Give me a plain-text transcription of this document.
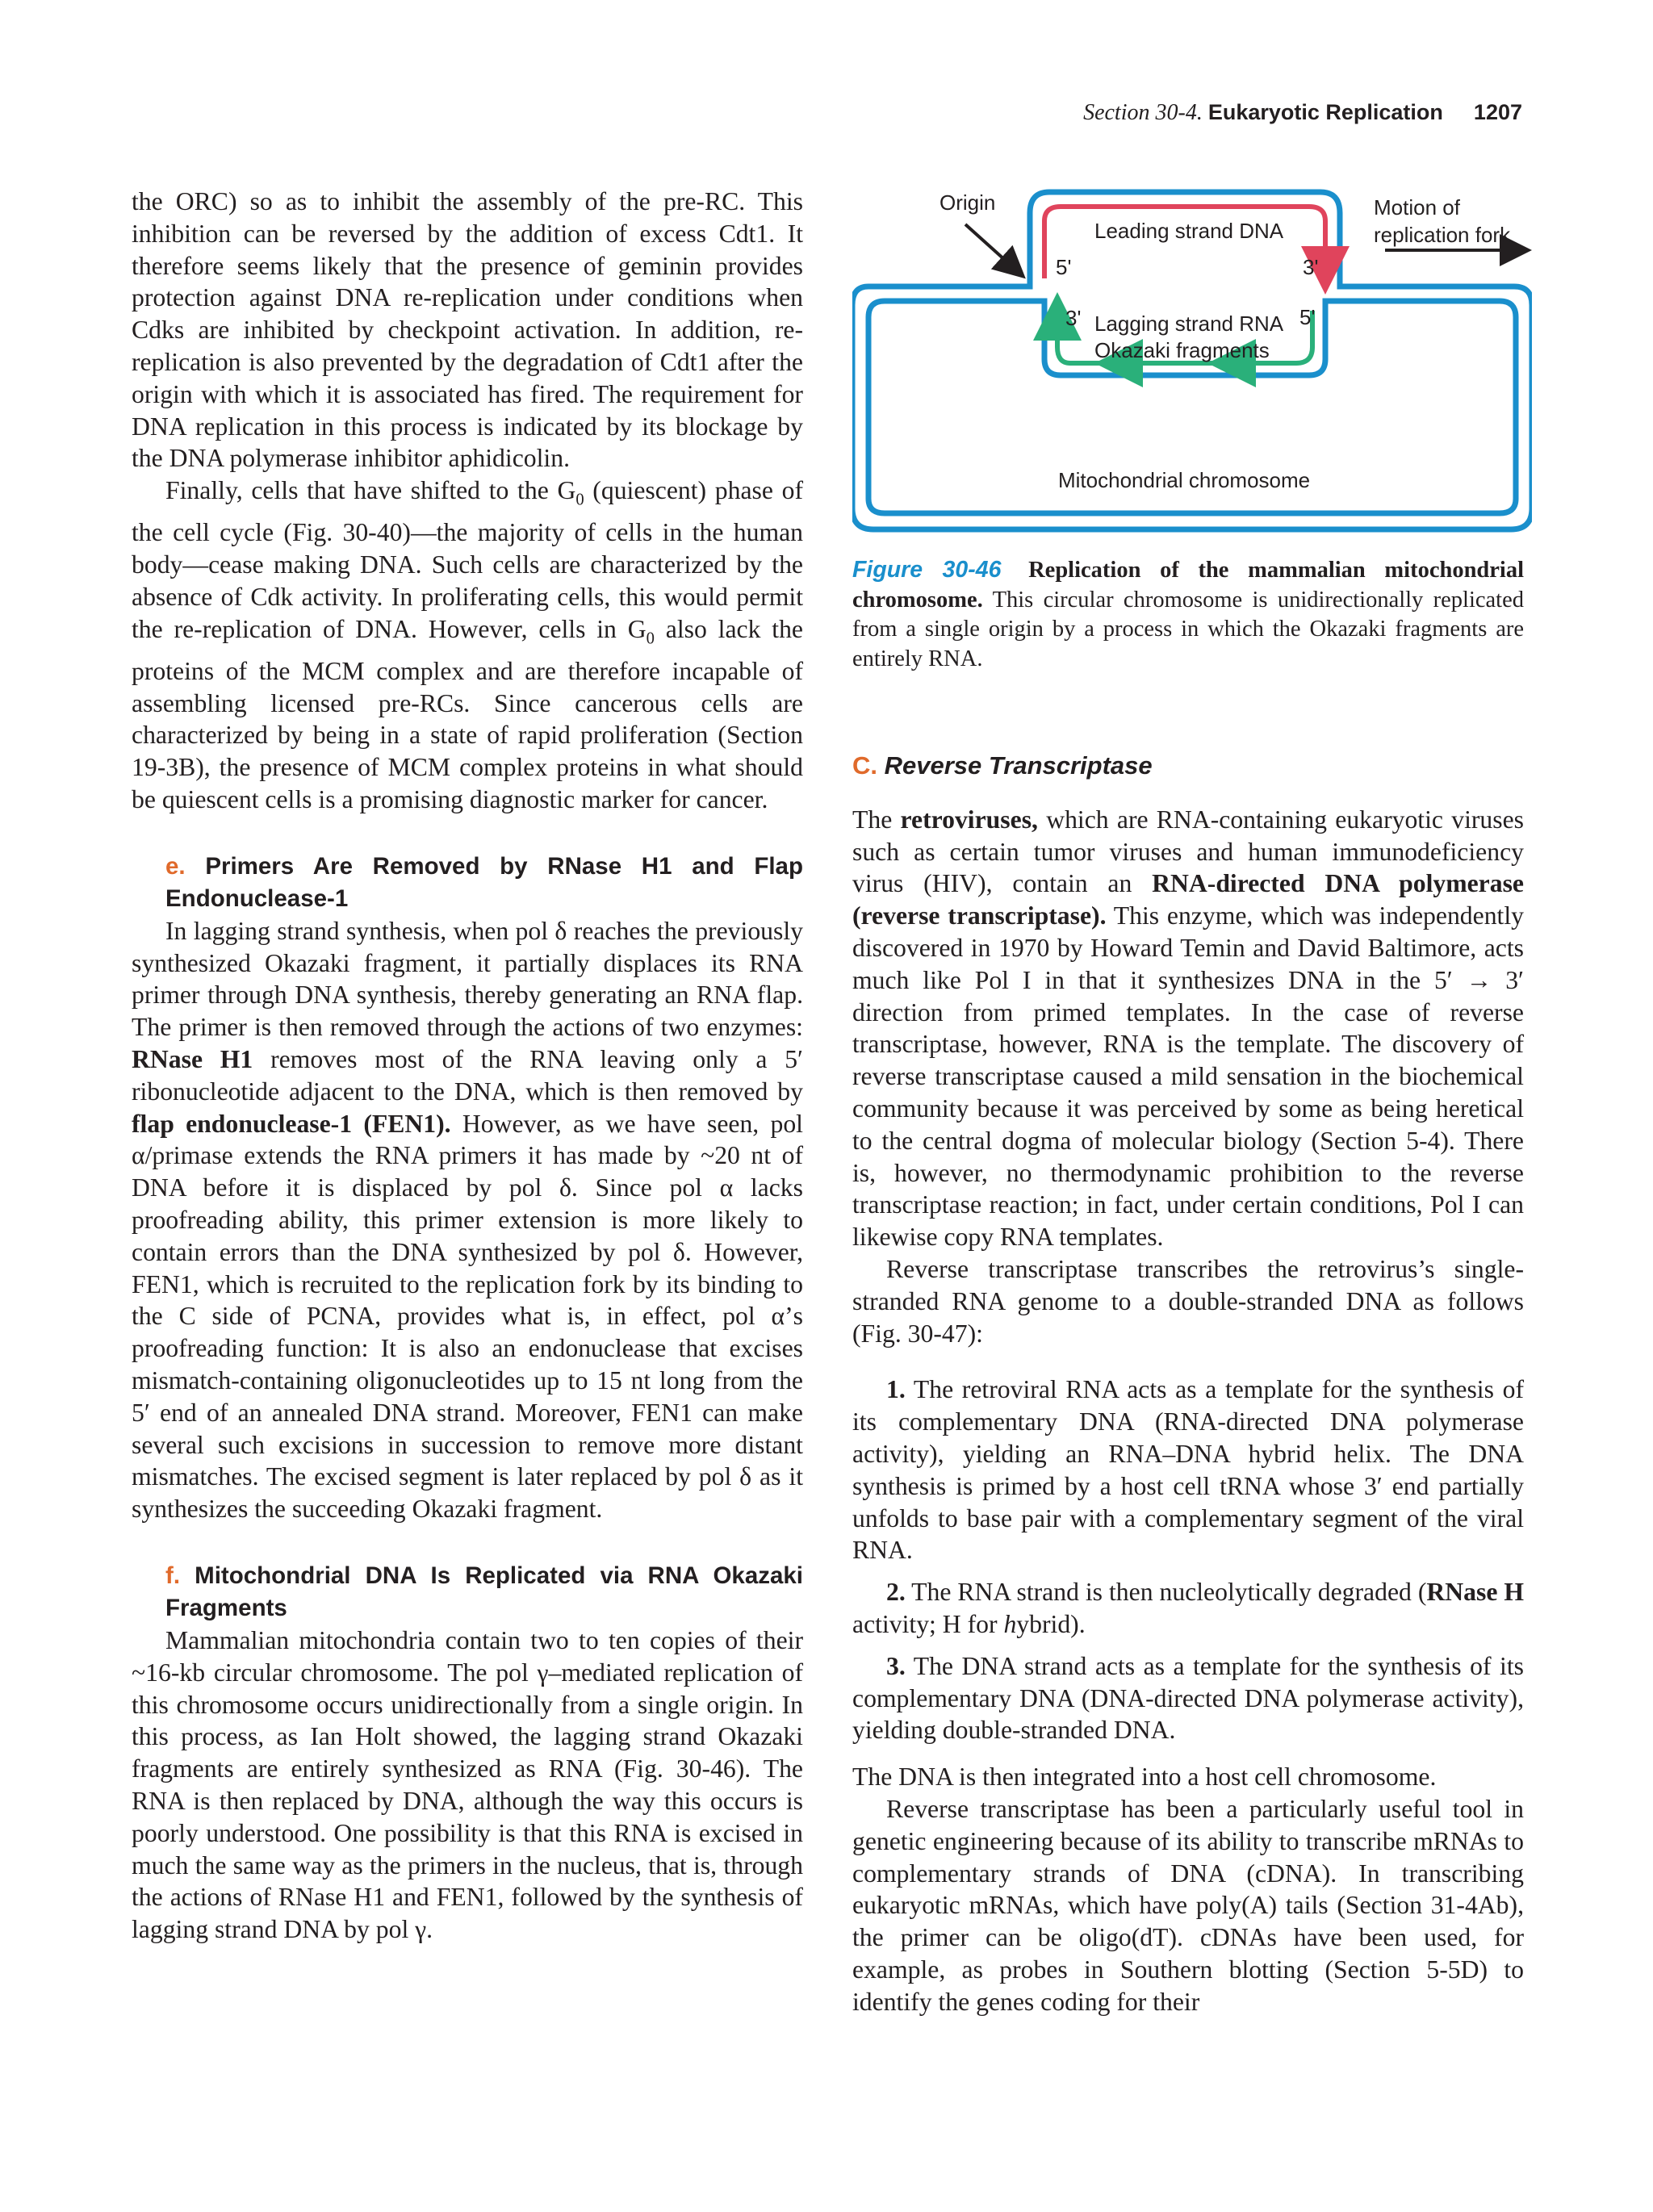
Section 30-4. Eukaryotic Replication 1207

the ORC) so as to inhibit the assembly of the pre-RC. This inhibition can be reversed by the addition of excess Cdt1. It therefore seems likely that the presence of geminin provides protection against DNA re-replication under conditions when Cdks are inhibited by checkpoint activation. In addition, re-replication is also prevented by the degradation of Cdt1 after the origin with which it is associated has fired. The requirement for DNA replication in this process is indicated by its blockage by the DNA polymerase inhibitor aphidicolin.

Finally, cells that have shifted to the $G_0$ (quiescent) phase of the cell cycle (Fig. 30-40)—the majority of cells in the human body—cease making DNA. Such cells are characterized by the absence of Cdk activity. In proliferating cells, this would permit the re-replication of DNA. However, cells in $G_0$ also lack the proteins of the MCM complex and are therefore incapable of assembling licensed pre-RCs. Since cancerous cells are characterized by being in a state of rapid proliferation (Section 19-3B), the presence of MCM complex proteins in what should be quiescent cells is a promising diagnostic marker for cancer.

e. Primers Are Removed by RNase H1 and Flap Endonuclease-1

In lagging strand synthesis, when pol δ reaches the previously synthesized Okazaki fragment, it partially displaces its RNA primer through DNA synthesis, thereby generating an RNA flap. The primer is then removed through the actions of two enzymes: RNase H1 removes most of the RNA leaving only a 5′ ribonucleotide adjacent to the DNA, which is then removed by flap endonuclease-1 (FEN1). However, as we have seen, pol α/primase extends the RNA primers it has made by ~20 nt of DNA before it is displaced by pol δ. Since pol α lacks proofreading ability, this primer extension is more likely to contain errors than the DNA synthesized by pol δ. However, FEN1, which is recruited to the replication fork by its binding to the C side of PCNA, provides what is, in effect, pol α’s proofreading function: It is also an endonuclease that excises mismatch-containing oligonucleotides up to 15 nt long from the 5′ end of an annealed DNA strand. Moreover, FEN1 can make several such excisions in succession to remove more distant mismatches. The excised segment is later replaced by pol δ as it synthesizes the succeeding Okazaki fragment.

f. Mitochondrial DNA Is Replicated via RNA Okazaki Fragments

Mammalian mitochondria contain two to ten copies of their ~16-kb circular chromosome. The pol γ–mediated replication of this chromosome occurs unidirectionally from a single origin. In this process, as Ian Holt showed, the lagging strand Okazaki fragments are entirely synthesized as RNA (Fig. 30-46). The RNA is then replaced by DNA, although the way this occurs is poorly understood. One possibility is that this RNA is excised in much the same way as the primers in the nucleus, that is, through the actions of RNase H1 and FEN1, followed by the synthesis of lagging strand DNA by pol γ.

Origin
Leading strand DNA
5'	3'
3'	5'
Lagging strand RNA
Okazaki fragments
Motion of
replication fork
Mitochondrial chromosome
Figure 30-46 Replication of the mammalian mitochondrial chromosome. This circular chromosome is unidirectionally replicated from a single origin by a process in which the Okazaki fragments are entirely RNA.
C. Reverse Transcriptase

The retroviruses, which are RNA-containing eukaryotic viruses such as certain tumor viruses and human immunodeficiency virus (HIV), contain an RNA-directed DNA polymerase (reverse transcriptase). This enzyme, which was independently discovered in 1970 by Howard Temin and David Baltimore, acts much like Pol I in that it synthesizes DNA in the 5′ → 3′ direction from primed templates. In the case of reverse transcriptase, however, RNA is the template. The discovery of reverse transcriptase caused a mild sensation in the biochemical community because it was perceived by some as being heretical to the central dogma of molecular biology (Section 5-4). There is, however, no thermodynamic prohibition to the reverse transcriptase reaction; in fact, under certain conditions, Pol I can likewise copy RNA templates.

Reverse transcriptase transcribes the retrovirus’s single-stranded RNA genome to a double-stranded DNA as follows (Fig. 30-47):

1. The retroviral RNA acts as a template for the synthesis of its complementary DNA (RNA-directed DNA polymerase activity), yielding an RNA–DNA hybrid helix. The DNA synthesis is primed by a host cell tRNA whose 3′ end partially unfolds to base pair with a complementary segment of the viral RNA.
2. The RNA strand is then nucleolytically degraded (RNase H activity; H for hybrid).
3. The DNA strand acts as a template for the synthesis of its complementary DNA (DNA-directed DNA polymerase activity), yielding double-stranded DNA.

The DNA is then integrated into a host cell chromosome.

Reverse transcriptase has been a particularly useful tool in genetic engineering because of its ability to transcribe mRNAs to complementary strands of DNA (cDNA). In transcribing eukaryotic mRNAs, which have poly(A) tails (Section 31-4Ab), the primer can be oligo(dT). cDNAs have been used, for example, as probes in Southern blotting (Section 5-5D) to identify the genes coding for their
